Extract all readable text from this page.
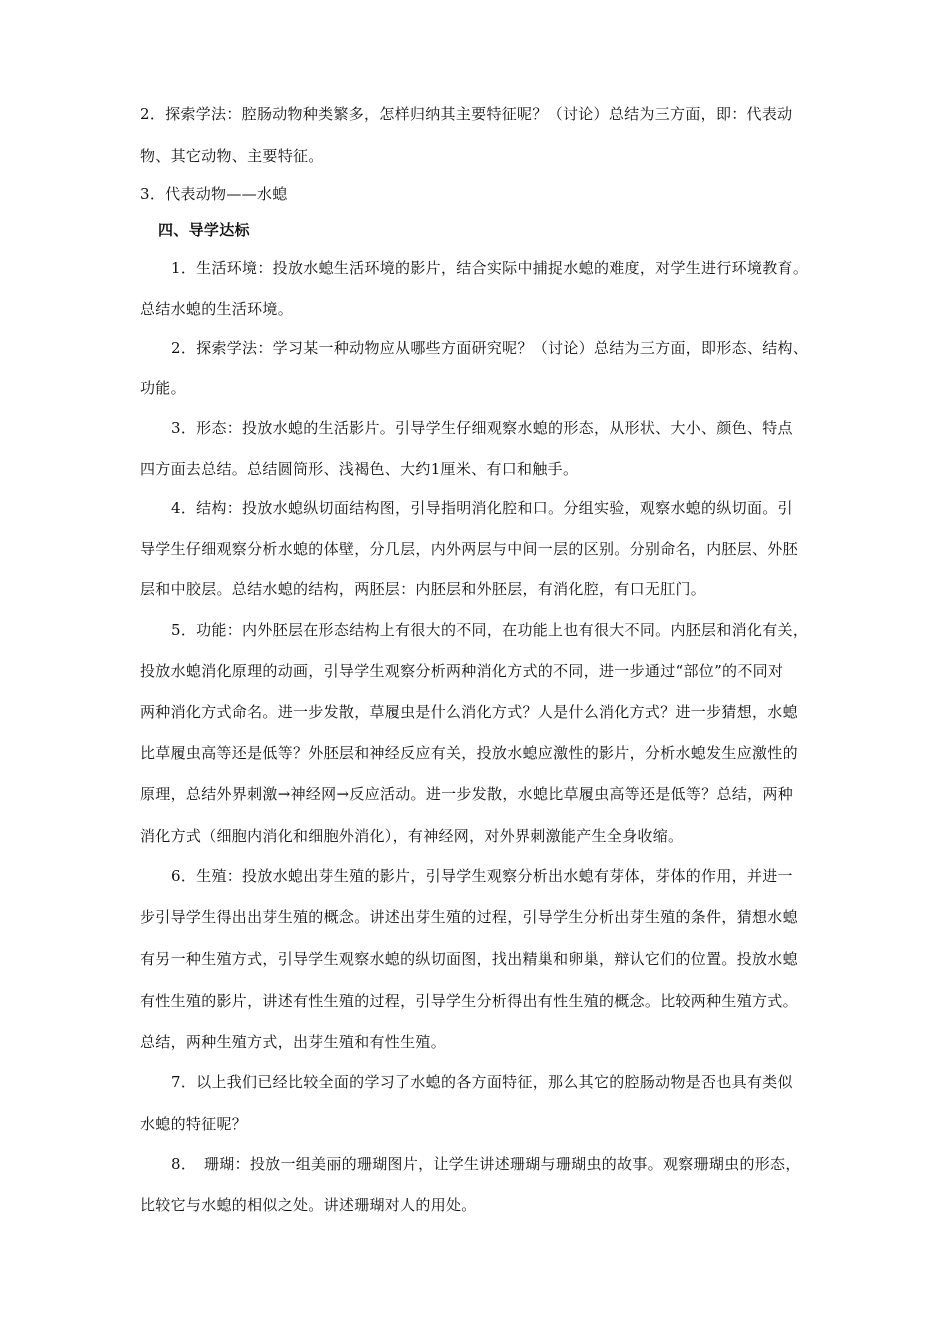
2．探索学法：腔肠动物种类繁多，怎样归纳其主要特征呢？（讨论）总结为三方面，即：代表动
物、其它动物、主要特征。
3．代表动物——水螅
四、导学达标
1．生活环境：投放水螅生活环境的影片，结合实际中捕捉水螅的难度，对学生进行环境教育。
总结水螅的生活环境。
2．探索学法：学习某一种动物应从哪些方面研究呢？（讨论）总结为三方面，即形态、结构、
功能。
3．形态：投放水螅的生活影片。引导学生仔细观察水螅的形态，从形状、大小、颜色、特点
四方面去总结。总结圆筒形、浅褐色、大约1厘米、有口和触手。
4．结构：投放水螅纵切面结构图，引导指明消化腔和口。分组实验，观察水螅的纵切面。引
导学生仔细观察分析水螅的体壁，分几层，内外两层与中间一层的区别。分别命名，内胚层、外胚
层和中胶层。总结水螅的结构，两胚层：内胚层和外胚层，有消化腔，有口无肛门。
5．功能：内外胚层在形态结构上有很大的不同，在功能上也有很大不同。内胚层和消化有关，
投放水螅消化原理的动画，引导学生观察分析两种消化方式的不同，进一步通过“部位”的不同对
两种消化方式命名。进一步发散，草履虫是什么消化方式？人是什么消化方式？进一步猜想，水螅
比草履虫高等还是低等？外胚层和神经反应有关，投放水螅应激性的影片，分析水螅发生应激性的
原理，总结外界刺激→神经网→反应活动。进一步发散，水螅比草履虫高等还是低等？总结，两种
消化方式（细胞内消化和细胞外消化），有神经网，对外界刺激能产生全身收缩。
6．生殖：投放水螅出芽生殖的影片，引导学生观察分析出水螅有芽体，芽体的作用，并进一
步引导学生得出出芽生殖的概念。讲述出芽生殖的过程，引导学生分析出芽生殖的条件，猜想水螅
有另一种生殖方式，引导学生观察水螅的纵切面图，找出精巢和卵巢，辩认它们的位置。投放水螅
有性生殖的影片，讲述有性生殖的过程，引导学生分析得出有性生殖的概念。比较两种生殖方式。
总结，两种生殖方式，出芽生殖和有性生殖。
7．以上我们已经比较全面的学习了水螅的各方面特征，那么其它的腔肠动物是否也具有类似
水螅的特征呢？
8．　珊瑚：投放一组美丽的珊瑚图片，让学生讲述珊瑚与珊瑚虫的故事。观察珊瑚虫的形态，
比较它与水螅的相似之处。讲述珊瑚对人的用处。
